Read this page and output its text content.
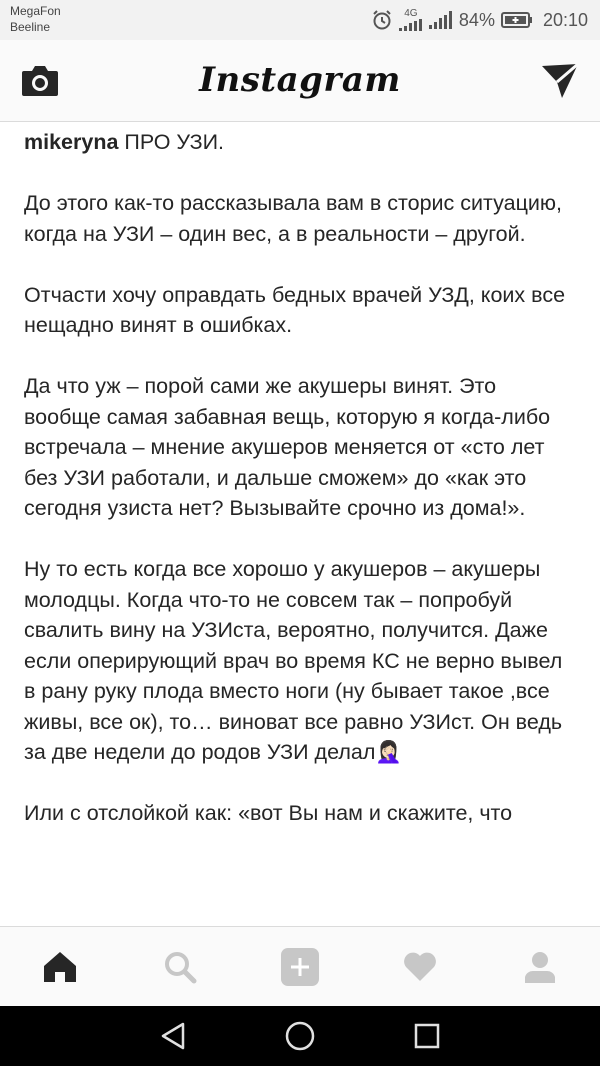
MegaFon
Beeline
4G 84%	20:10
Instagram
mikeryna ПРО УЗИ.
До этого как-то рассказывала вам в сторис ситуацию, когда на УЗИ – один вес, а в реальности – другой.
Отчасти хочу оправдать бедных врачей УЗД, коих все нещадно винят в ошибках.
Да что уж – порой сами же акушеры винят. Это вообще самая забавная вещь, которую я когда-либо встречала – мнение акушеров меняется от «сто лет без УЗИ работали, и дальше сможем» до «как это сегодня узиста нет? Вызывайте срочно из дома!».
Ну то есть когда все хорошо у акушеров – акушеры молодцы. Когда что-то не совсем так – попробуй свалить вину на УЗИста, вероятно, получится. Даже если оперирующий врач во время КС не верно вывел в рану руку плода вместо ноги (ну бывает такое ,все живы, все ок), то… виноват все равно УЗИст. Он ведь за две недели до родов УЗИ делал🤦🏻‍♀️
Или с отслойкой как: «вот Вы нам и скажите, что
